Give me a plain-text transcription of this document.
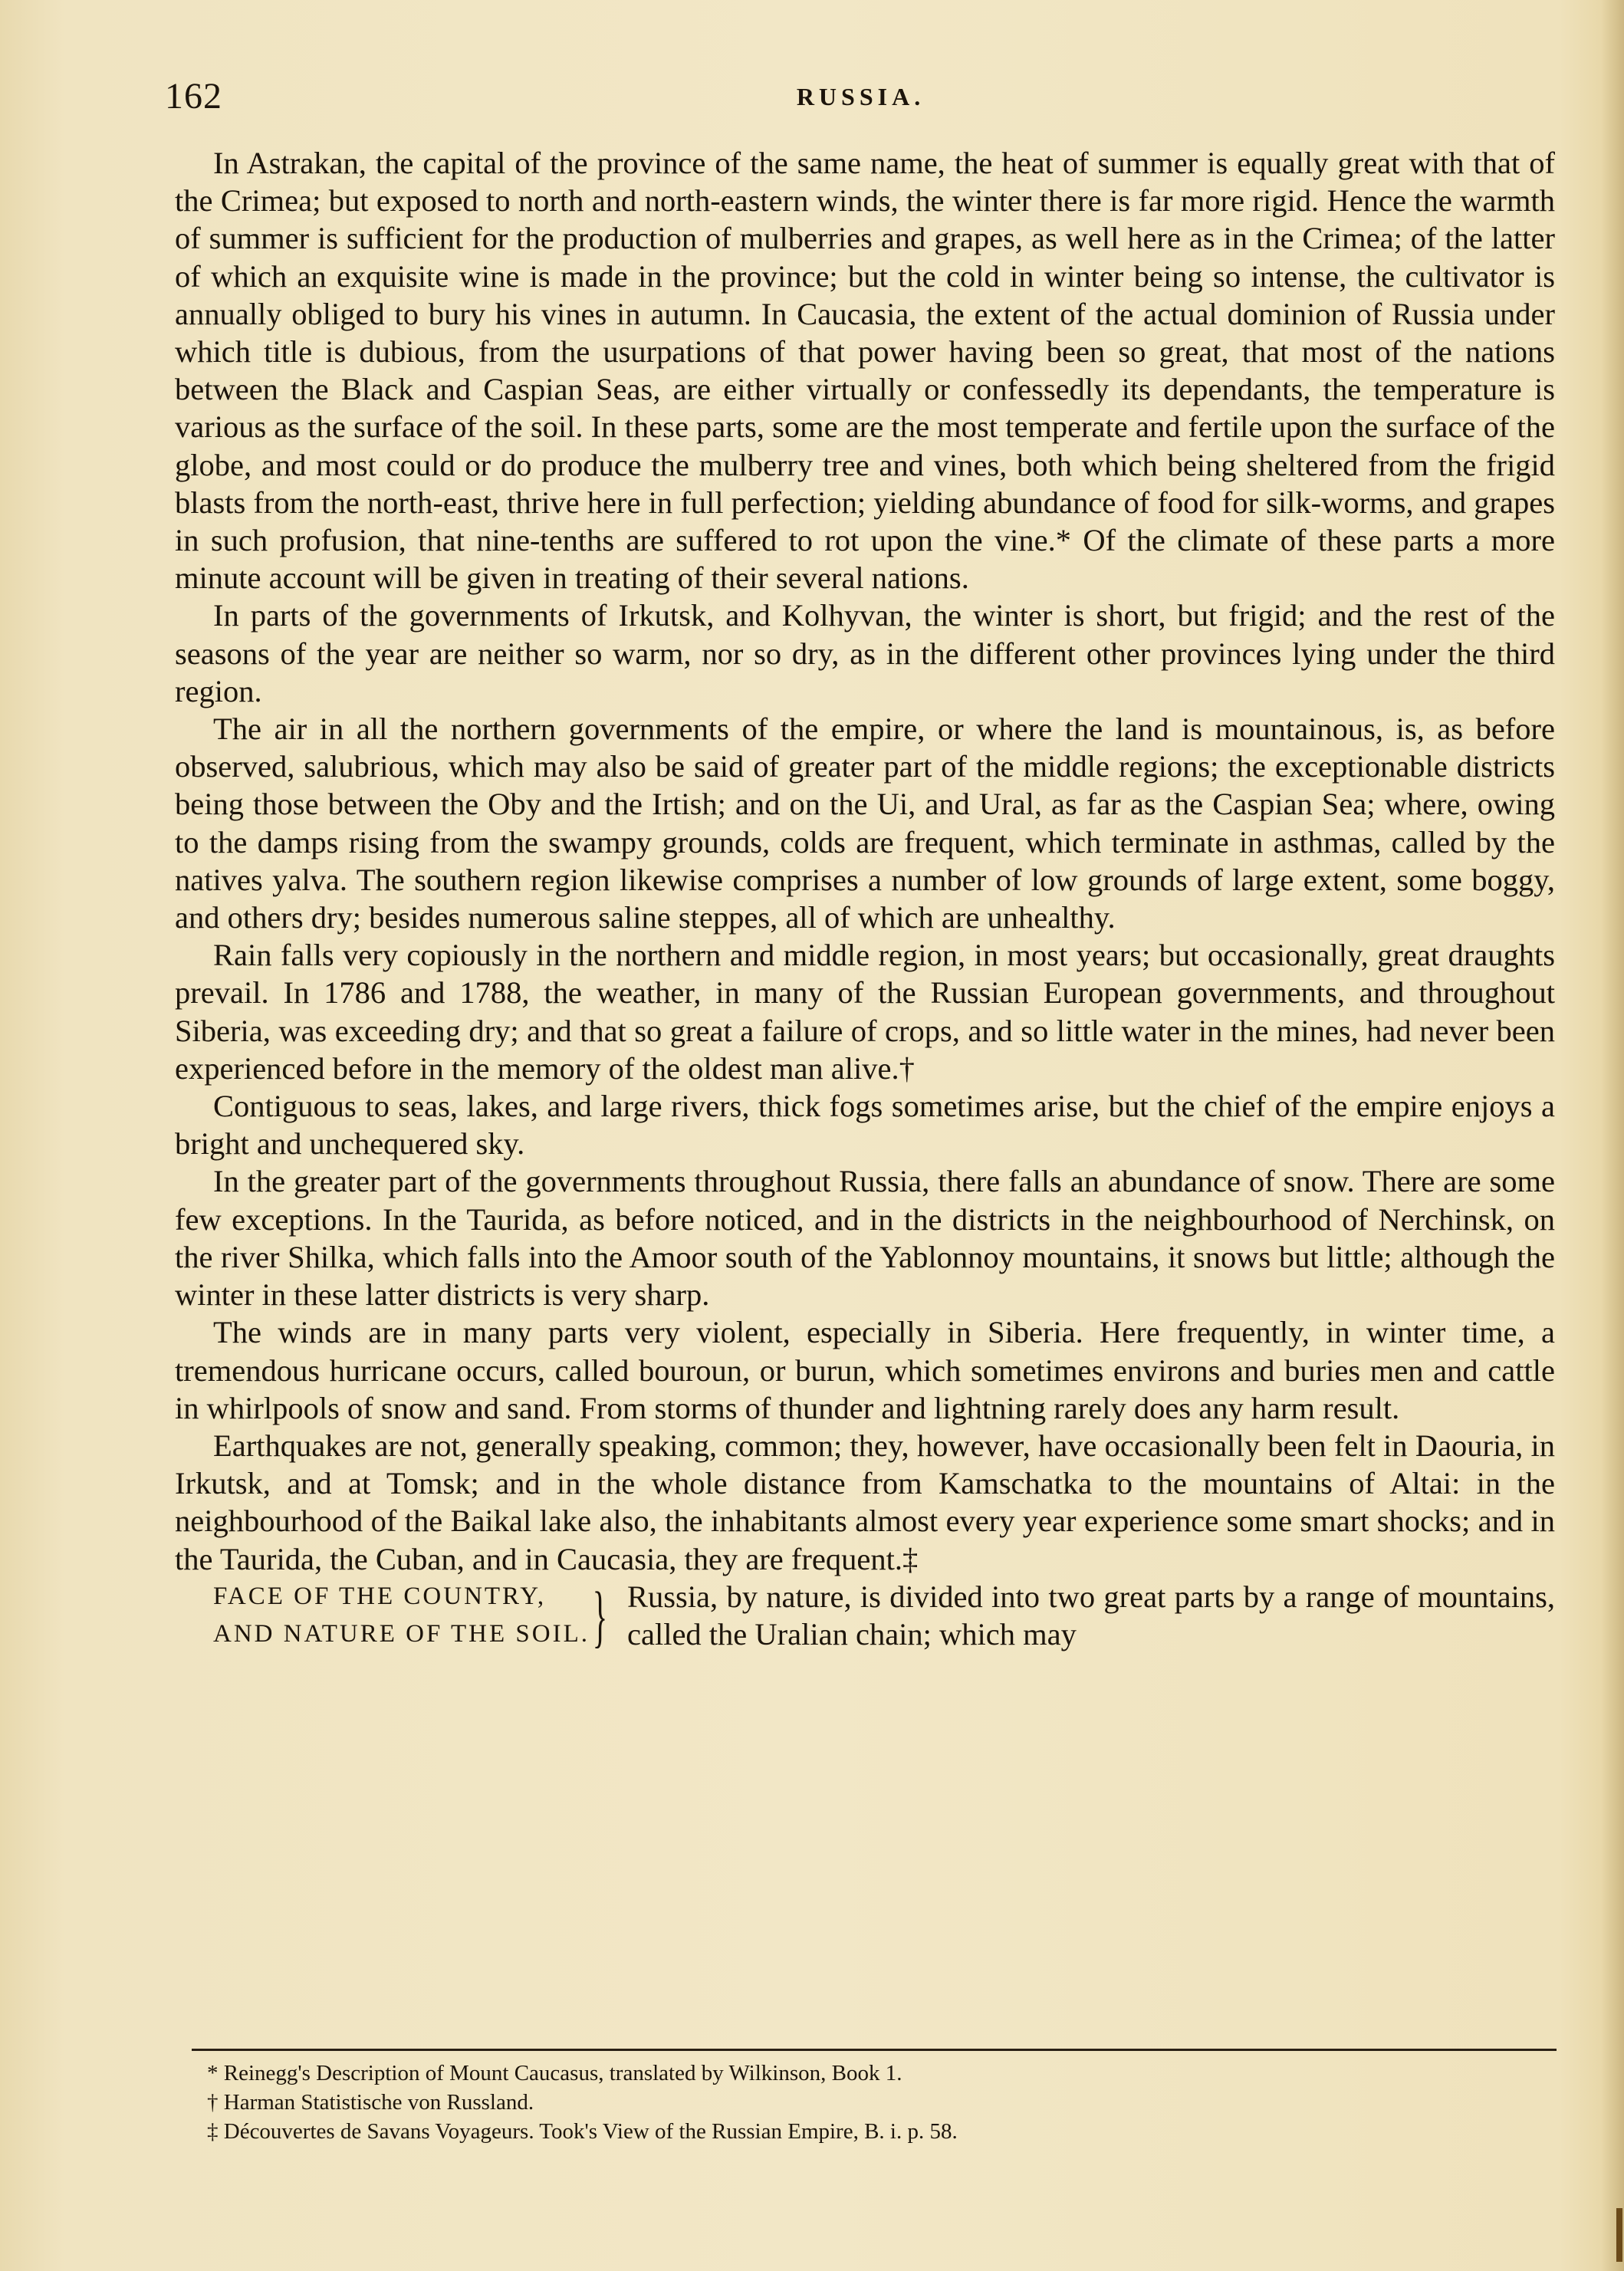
162	RUSSIA.

In Astrakan, the capital of the province of the same name, the heat of summer is equally great with that of the Crimea; but exposed to north and north-eastern winds, the winter there is far more rigid. Hence the warmth of summer is sufficient for the production of mulberries and grapes, as well here as in the Crimea; of the latter of which an exquisite wine is made in the province; but the cold in winter being so intense, the cultivator is annually obliged to bury his vines in autumn. In Caucasia, the extent of the actual dominion of Russia under which title is dubious, from the usurpations of that power having been so great, that most of the nations between the Black and Caspian Seas, are either virtually or confessedly its dependants, the temperature is various as the surface of the soil. In these parts, some are the most temperate and fertile upon the surface of the globe, and most could or do produce the mulberry tree and vines, both which being sheltered from the frigid blasts from the north-east, thrive here in full perfection; yielding abundance of food for silk-worms, and grapes in such profusion, that nine-tenths are suffered to rot upon the vine.* Of the climate of these parts a more minute account will be given in treating of their several nations.

In parts of the governments of Irkutsk, and Kolhyvan, the winter is short, but frigid; and the rest of the seasons of the year are neither so warm, nor so dry, as in the different other provinces lying under the third region.

The air in all the northern governments of the empire, or where the land is mountainous, is, as before observed, salubrious, which may also be said of greater part of the middle regions; the exceptionable districts being those between the Oby and the Irtish; and on the Ui, and Ural, as far as the Caspian Sea; where, owing to the damps rising from the swampy grounds, colds are frequent, which terminate in asthmas, called by the natives yalva. The southern region likewise comprises a number of low grounds of large extent, some boggy, and others dry; besides numerous saline steppes, all of which are unhealthy.

Rain falls very copiously in the northern and middle region, in most years; but occasionally, great draughts prevail. In 1786 and 1788, the weather, in many of the Russian European governments, and throughout Siberia, was exceeding dry; and that so great a failure of crops, and so little water in the mines, had never been experienced before in the memory of the oldest man alive.†

Contiguous to seas, lakes, and large rivers, thick fogs sometimes arise, but the chief of the empire enjoys a bright and unchequered sky.

In the greater part of the governments throughout Russia, there falls an abundance of snow. There are some few exceptions. In the Taurida, as before noticed, and in the districts in the neighbourhood of Nerchinsk, on the river Shilka, which falls into the Amoor south of the Yablonnoy mountains, it snows but little; although the winter in these latter districts is very sharp.

The winds are in many parts very violent, especially in Siberia. Here frequently, in winter time, a tremendous hurricane occurs, called bouroun, or burun, which sometimes environs and buries men and cattle in whirlpools of snow and sand. From storms of thunder and lightning rarely does any harm result.

Earthquakes are not, generally speaking, common; they, however, have occasionally been felt in Daouria, in Irkutsk, and at Tomsk; and in the whole distance from Kamschatka to the mountains of Altai: in the neighbourhood of the Baikal lake also, the inhabitants almost every year experience some smart shocks; and in the Taurida, the Cuban, and in Caucasia, they are frequent.‡

FACE OF THE COUNTRY,
AND NATURE OF THE SOIL. } Russia, by nature, is divided into two great parts by a range of mountains, called the Uralian chain; which may

* Reinegg's Description of Mount Caucasus, translated by Wilkinson, Book 1.

† Harman Statistische von Russland.

‡ Découvertes de Savans Voyageurs. Took's View of the Russian Empire, B. i. p. 58.
